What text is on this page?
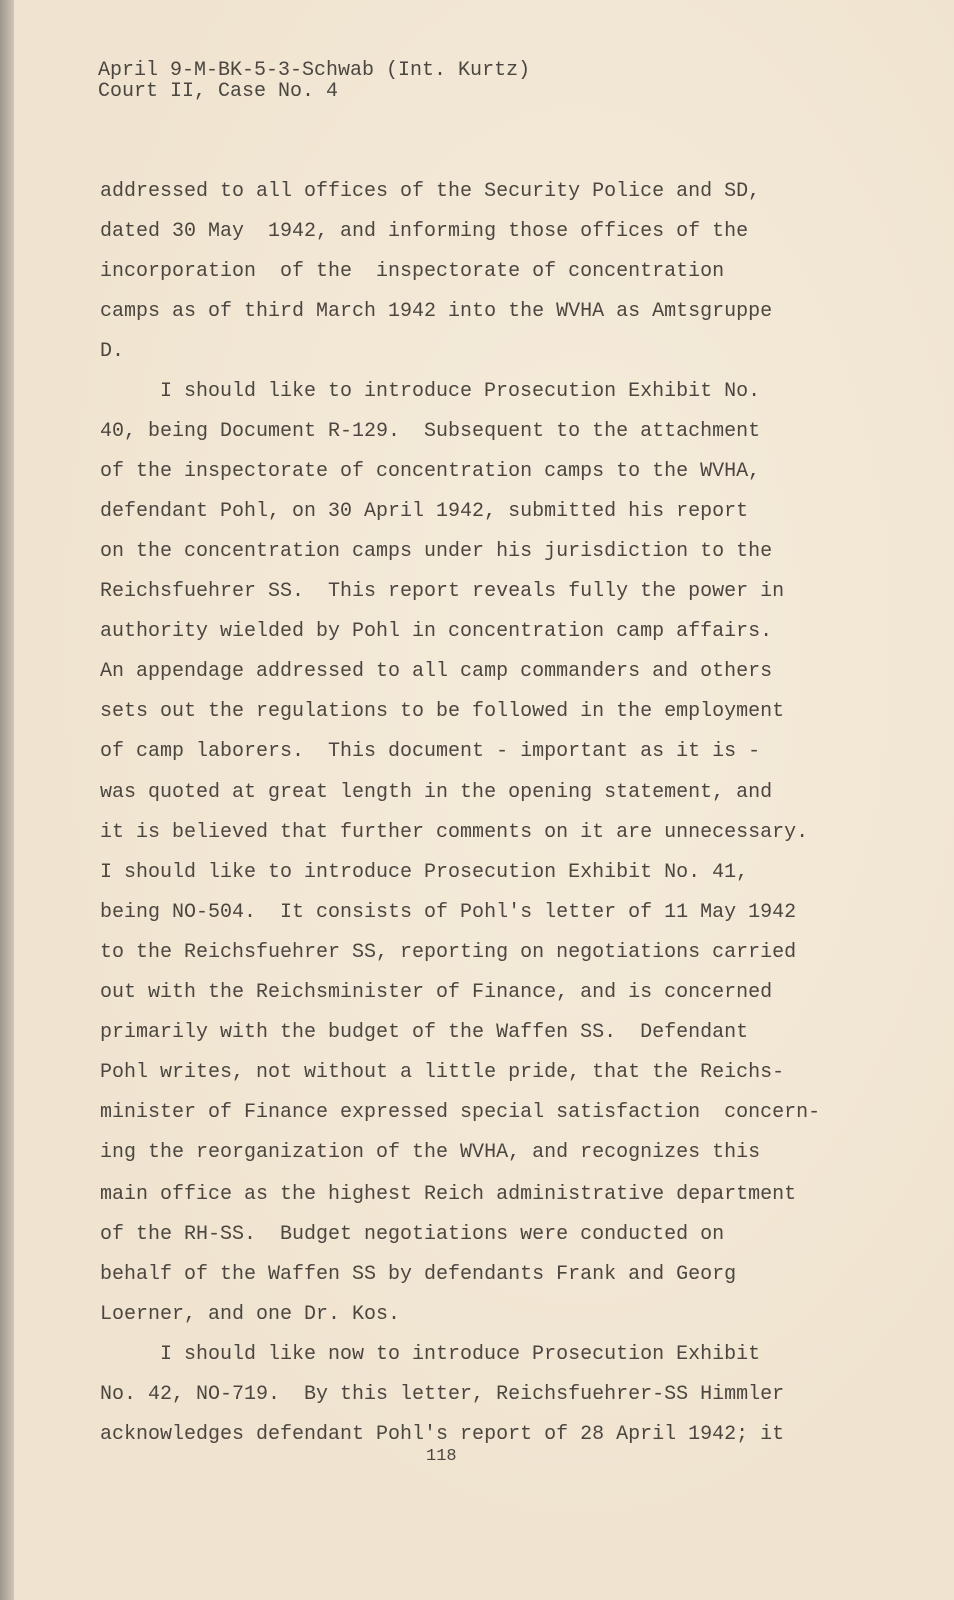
April 9-M-BK-5-3-Schwab (Int. Kurtz)
Court II, Case No. 4
addressed to all offices of the Security Police and SD,
dated 30 May  1942, and informing those offices of the
incorporation  of the  inspectorate of concentration
camps as of third March 1942 into the WVHA as Amtsgruppe
D.
I should like to introduce Prosecution Exhibit No.
40, being Document R-129.  Subsequent to the attachment
of the inspectorate of concentration camps to the WVHA,
defendant Pohl, on 30 April 1942, submitted his report
on the concentration camps under his jurisdiction to the
Reichsfuehrer SS.  This report reveals fully the power in
authority wielded by Pohl in concentration camp affairs.
An appendage addressed to all camp commanders and others
sets out the regulations to be followed in the employment
of camp laborers.  This document - important as it is -
was quoted at great length in the opening statement, and
it is believed that further comments on it are unnecessary.
I should like to introduce Prosecution Exhibit No. 41,
being NO-504.  It consists of Pohl's letter of 11 May 1942
to the Reichsfuehrer SS, reporting on negotiations carried
out with the Reichsminister of Finance, and is concerned
primarily with the budget of the Waffen SS.  Defendant
Pohl writes, not without a little pride, that the Reichs-
minister of Finance expressed special satisfaction  concern-
ing the reorganization of the WVHA, and recognizes this
main office as the highest Reich administrative department
of the RH-SS.  Budget negotiations were conducted on
behalf of the Waffen SS by defendants Frank and Georg
Loerner, and one Dr. Kos.
I should like now to introduce Prosecution Exhibit
No. 42, NO-719.  By this letter, Reichsfuehrer-SS Himmler
acknowledges defendant Pohl's report of 28 April 1942; it
118
